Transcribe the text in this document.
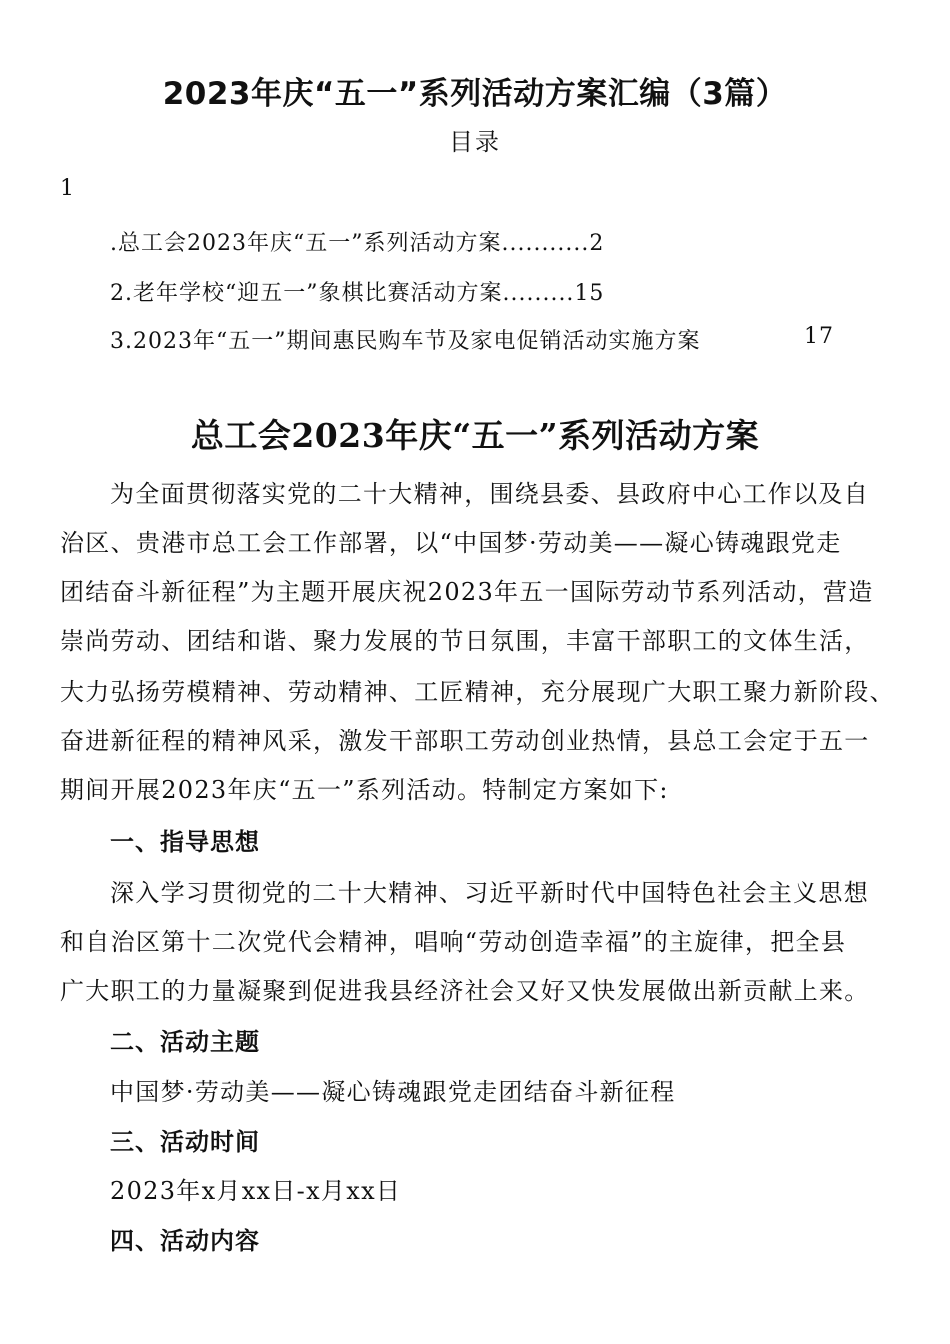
2023年庆“五一”系列活动方案汇编（3篇）
目录
1
.总工会2023年庆“五一”系列活动方案...........2
2.老年学校“迎五一”象棋比赛活动方案.........15
3.2023年“五一”期间惠民购车节及家电促销活动实施方案	17
总工会2023年庆“五一”系列活动方案
为全面贯彻落实党的二十大精神，围绕县委、县政府中心工作以及自
治区、贵港市总工会工作部署，以“中国梦·劳动美——凝心铸魂跟党走
团结奋斗新征程”为主题开展庆祝2023年五一国际劳动节系列活动，营造
崇尚劳动、团结和谐、聚力发展的节日氛围，丰富干部职工的文体生活，
大力弘扬劳模精神、劳动精神、工匠精神，充分展现广大职工聚力新阶段、
奋进新征程的精神风采，激发干部职工劳动创业热情，县总工会定于五一
期间开展2023年庆“五一”系列活动。特制定方案如下:
一、指导思想
深入学习贯彻党的二十大精神、习近平新时代中国特色社会主义思想
和自治区第十二次党代会精神，唱响“劳动创造幸福”的主旋律，把全县
广大职工的力量凝聚到促进我县经济社会又好又快发展做出新贡献上来。
二、活动主题
中国梦·劳动美——凝心铸魂跟党走团结奋斗新征程
三、活动时间
2023年x月xx日-x月xx日
四、活动内容
